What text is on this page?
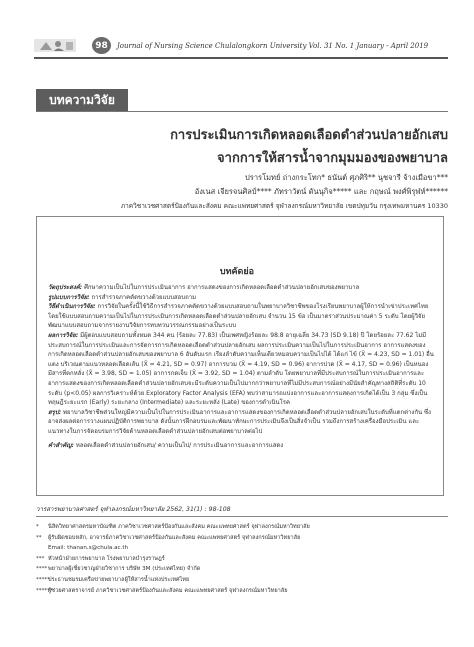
98	Journal of Nursing Science Chulalongkorn University Vol. 31 No. 1 January - April 2019
บทความวิจัย
การประเมินการเกิดหลอดเลือดดำส่วนปลายอักเสบ
จากการให้สารน้ำจากมุมมองของพยาบาล
ปรารโมทย์ ถ่างกระโทก* ธนันต์ ศุภศิริ** นุชจารี จ้างเมือขา***
อังเนส เจียรจนศิลป์**** ภัทราวัตน์ ดันนุกิจ***** และ กฤษณ์ พงศ์พิรุฬห์******
ภาควิชาเวชศาสตร์ป้องกันและสังคม คณะแพทยศาสตร์ จุฬาลงกรณ์มหาวิทยาลัย เขตปทุมวัน กรุงเทพมหานคร 10330
บทคัดย่อ

วัตถุประสงค์: ศึกษาความเป็นไปในการประเมินอาการ อาการแสดงของการเกิดหลอดเลือดดำส่วนปลายอักเสบของพยาบาล

รูปแบบการวิจัย: การสำรวจภาคตัดขวางด้วยแบบสอบถาม

วิธีดำเนินการวิจัย: การวิจัยในครั้งนี้ใช้วิธีการสำรวจภาคตัดขวางด้วยแบบสอบถามในพยาบาลวิชาชีพของโรงเรียนพยาบาลผู้ให้การนำเข่าประเทศไทย โดยใช้แบบสอบถามความเป็นไปในการประเมินการเกิดหลอดเลือดดำส่วนปลายอักเสบ จำนวน 15 ข้อ เป็นมาตราส่วนประมาณค่า 5 ระดับ โดยผู้วิจัยพัฒนาแบบสอบถามจากรายงานวิจัยการทบทวนวรรณกรรมอย่างเป็นระบบ

ผลการวิจัย: มีผู้ตอบแบบสอบถามทั้งหมด 344 คน (ร้อยละ 77.83) เป็นเพศหญิงร้อยละ 98.8 อายุเฉลี่ย 34.73 (SD 9.18) ปี โดยร้อยละ 77.62 ไม่มีประสบการณ์ในการประเมินและการจัดการการเกิดหลอดเลือดดำส่วนปลายอักเสบ ผลการประเมินความเป็นไปในการประเมินอาการ อาการแสดงของการเกิดหลอดเลือดดำส่วนปลายอักเสบของพยาบาล 6 อันดับแรก เรียงลำดับความเห็นเดียวหมอบความเป็นไปได้ ได้แก่ ไข้ (X̄ = 4.23, SD = 1.01) อื่นแดง บริเวณตามแนวหลอดเลือดเส้น (X̄ = 4.21, SD = 0.97) อาการบวม (X̄ = 4.19, SD = 0.96) อาการปวด (X̄ = 4.17, SD = 0.96) เป็นหนอง มีสารที่ตกหลั่ง (X̄ = 3.98, SD = 1.05) อาการกดเจ็บ (X̄ = 3.92, SD = 1.04) ตามลำดับ โดยพยาบาลที่มีประสบการณ์ในการประเมินอาการและอาการแสดงของการเกิดหลอดเลือดดำส่วนปลายอักเสบจะมีระดับความเป็นไปมากกว่าพยาบาลที่ไม่มีประสบการณ์อย่างมีนัยสำคัญทางสถิติที่ระดับ 10 ระดับ (p<0.05) ผลการวิเคราะห์ด้วย Exploratory Factor Analysis (EFA) พบว่าสามารถแบ่งอาการและอาการแสดงการเกิดได้เป็น 3 กลุ่ม ซึ่งเป็นทฤษฎีระยะแรก (Early) ระยะกลาง (Intermediate) และระยะหลัง (Late) ของการดำเนินโรค

สรุป: พยาบาลวิชาชีพส่วนใหญ่มีความเป็นไปในการประเมินอาการและอาการแสดงของการเกิดหลอดเลือดดำส่วนปลายอักเสบในระดับที่แตกต่างกัน ซึ่งอาจส่งผลต่อการวางแผนปฏิบัติการพยาบาล ดังนั้นการฝึกอบรมและพัฒนาทักษะการประเมินจึงเป็นสิ่งจำเป็น รวมถึงการสร้างเครื่องมือประเมิน และแนวทางในการจัดอบรมการวิจัยด้านหลอดเลือดดำส่วนปลายอักเสบต่อพยาบาลต่อไป

คำสำคัญ: หลอดเลือดดำส่วนปลายอักเสบ/ ความเป็นไป/ การประเมินอาการและอาการแสดง

วารสารพยาบาลศาสตร์ จุฬาลงกรณ์มหาวิทยาลัย 2562, 31(1) : 98-108
*	นิสิตวิทยาศาสตรมหาบัณฑิต ภาควิชาเวชศาสตร์ป้องกันและสังคม คณะแพทยศาสตร์ จุฬาลงกรณ์มหาวิทยาลัย
**	ผู้รับผิดชอบหลัก, อาจารย์ภาควิชาเวชศาสตร์ป้องกันและสังคม คณะแพทยศาสตร์ จุฬาลงกรณ์มหาวิทยาลัย
Email: thanan.s@chula.ac.th
*** หัวหน้าฝ่ายการพยาบาล โรงพยาบาลบำรุงราษฎร์
**** พยาบาลผู้เชี่ยวชาญฝ่ายวิชาการ บริษัท 3M (ประเทศไทย) จำกัด
*****
ประธานชมรมเครือข่ายพยาบาลผู้ให้สารน้ำแห่งประเทศไทย
******
ผู้ช่วยศาสตราจารย์ ภาควิชาเวชศาสตร์ป้องกันและสังคม คณะแพทยศาสตร์ จุฬาลงกรณ์มหาวิทยาลัย
